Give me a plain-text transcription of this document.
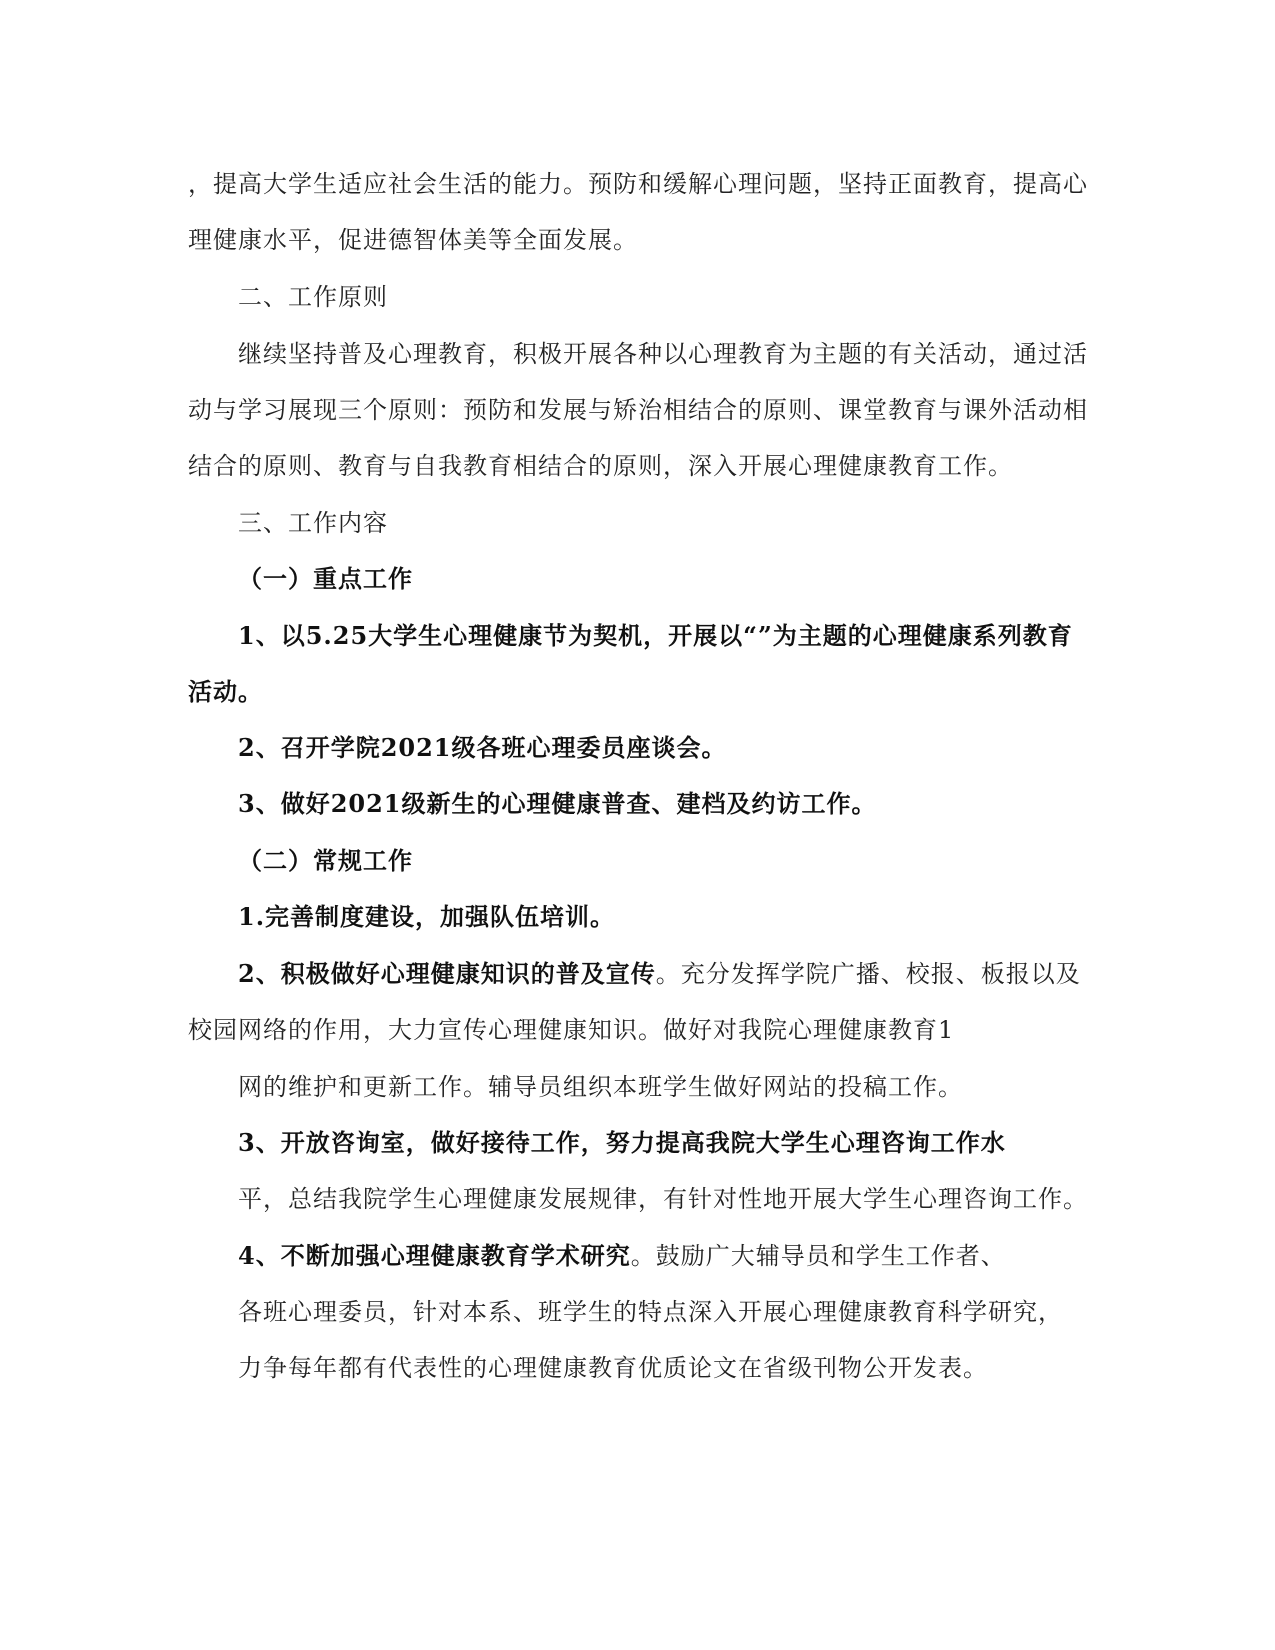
，提高大学生适应社会生活的能力。预防和缓解心理问题，坚持正面教育，提高心
理健康水平，促进德智体美等全面发展。
二、工作原则
继续坚持普及心理教育，积极开展各种以心理教育为主题的有关活动，通过活
动与学习展现三个原则：预防和发展与矫治相结合的原则、课堂教育与课外活动相
结合的原则、教育与自我教育相结合的原则，深入开展心理健康教育工作。
三、工作内容
（一）重点工作
1、以5.25大学生心理健康节为契机，开展以“”为主题的心理健康系列教育
活动。
2、召开学院2021级各班心理委员座谈会。
3、做好2021级新生的心理健康普查、建档及约访工作。
（二）常规工作
1.完善制度建设，加强队伍培训。
2、积极做好心理健康知识的普及宣传。充分发挥学院广播、校报、板报以及
校园网络的作用，大力宣传心理健康知识。做好对我院心理健康教育1
网的维护和更新工作。辅导员组织本班学生做好网站的投稿工作。
3、开放咨询室，做好接待工作，努力提高我院大学生心理咨询工作水
平，总结我院学生心理健康发展规律，有针对性地开展大学生心理咨询工作。
4、不断加强心理健康教育学术研究。鼓励广大辅导员和学生工作者、
各班心理委员，针对本系、班学生的特点深入开展心理健康教育科学研究，
力争每年都有代表性的心理健康教育优质论文在省级刊物公开发表。
